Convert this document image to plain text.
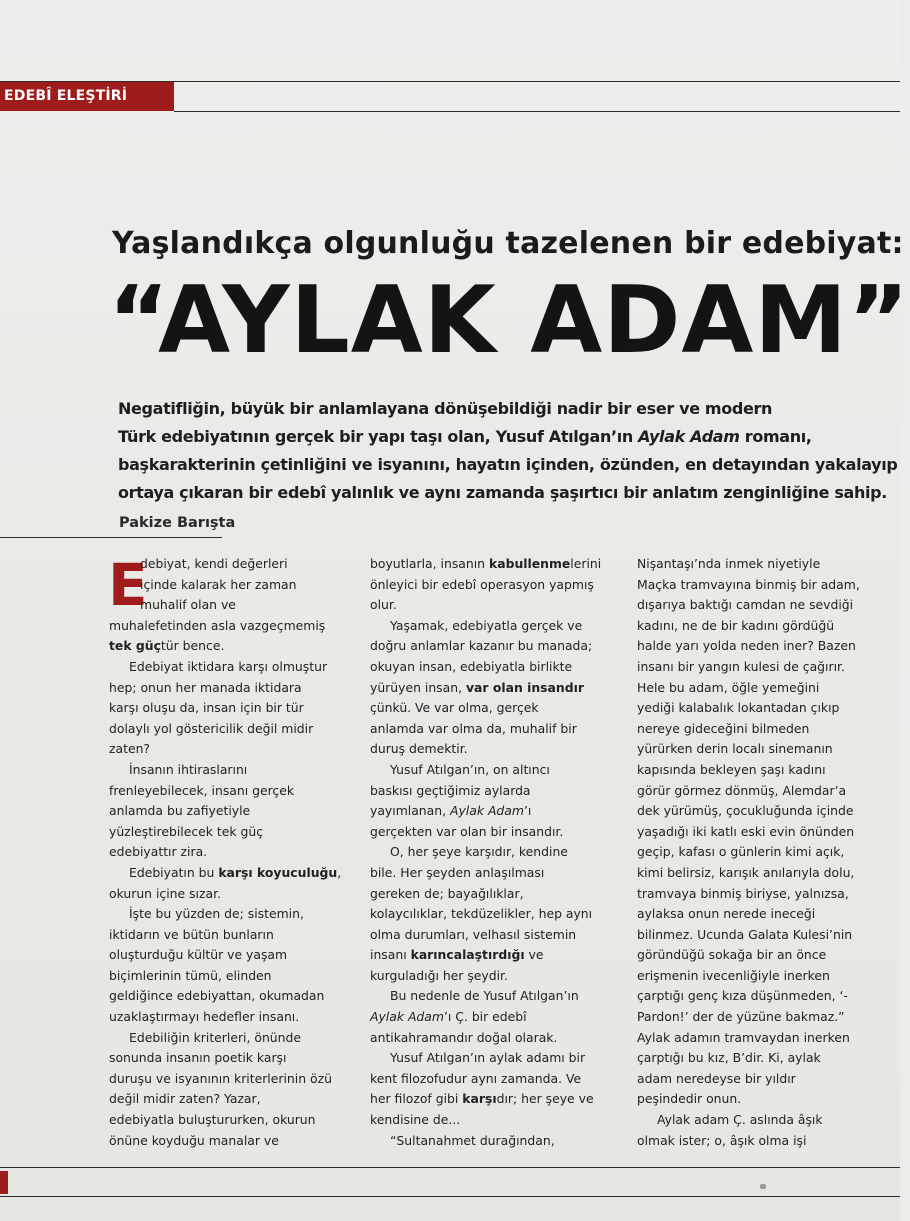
EDEBÎ ELEŞTİRİ
Yaşlandıkça olgunluğu tazelenen bir edebiyat:
“AYLAK ADAM”
Negatifliğin, büyük bir anlamlayana dönüşebildiği nadir bir eser ve modern
Türk edebiyatının gerçek bir yapı taşı olan, Yusuf Atılgan’ın Aylak Adam romanı,
başkarakterinin çetinliğini ve isyanını, hayatın içinden, özünden, en detayından yakalayıp
ortaya çıkaran bir edebî yalınlık ve aynı zamanda şaşırtıcı bir anlatım zenginliğine sahip.
Pakize Barışta
E
debiyat, kendi değerleri
içinde kalarak her zaman
muhalif olan ve
muhalefetinden asla vazgeçmemiş
tek güçtür bence.
Edebiyat iktidara karşı olmuştur
hep; onun her manada iktidara
karşı oluşu da, insan için bir tür
dolaylı yol göstericilik değil midir
zaten?
İnsanın ihtiraslarını
frenleyebilecek, insanı gerçek
anlamda bu zafiyetiyle
yüzleştirebilecek tek güç
edebiyattır zira.
Edebiyatın bu karşı koyuculuğu,
okurun içine sızar.
İşte bu yüzden de; sistemin,
iktidarın ve bütün bunların
oluşturduğu kültür ve yaşam
biçimlerinin tümü, elinden
geldiğince edebiyattan, okumadan
uzaklaştırmayı hedefler insanı.
Edebiliğin kriterleri, önünde
sonunda insanın poetik karşı
duruşu ve isyanının kriterlerinin özü
değil midir zaten? Yazar,
edebiyatla buluştururken, okurun
önüne koyduğu manalar ve
boyutlarla, insanın kabullenmelerini
önleyici bir edebî operasyon yapmış
olur.
Yaşamak, edebiyatla gerçek ve
doğru anlamlar kazanır bu manada;
okuyan insan, edebiyatla birlikte
yürüyen insan, var olan insandır
çünkü. Ve var olma, gerçek
anlamda var olma da, muhalif bir
duruş demektir.
Yusuf Atılgan’ın, on altıncı
baskısı geçtiğimiz aylarda
yayımlanan, Aylak Adam’ı
gerçekten var olan bir insandır.
O, her şeye karşıdır, kendine
bile. Her şeyden anlaşılması
gereken de; bayağılıklar,
kolaycılıklar, tekdüzelikler, hep aynı
olma durumları, velhasıl sistemin
insanı karıncalaştırdığı ve
kurguladığı her şeydir.
Bu nedenle de Yusuf Atılgan’ın
Aylak Adam’ı Ç. bir edebî
antikahramandır doğal olarak.
Yusuf Atılgan’ın aylak adamı bir
kent filozofudur aynı zamanda. Ve
her filozof gibi karşıdır; her şeye ve
kendisine de...
“Sultanahmet durağından,
Nişantaşı’nda inmek niyetiyle
Maçka tramvayına binmiş bir adam,
dışarıya baktığı camdan ne sevdiği
kadını, ne de bir kadını gördüğü
halde yarı yolda neden iner? Bazen
insanı bir yangın kulesi de çağırır.
Hele bu adam, öğle yemeğini
yediği kalabalık lokantadan çıkıp
nereye gideceğini bilmeden
yürürken derin localı sinemanın
kapısında bekleyen şaşı kadını
görür görmez dönmüş, Alemdar’a
dek yürümüş, çocukluğunda içinde
yaşadığı iki katlı eski evin önünden
geçip, kafası o günlerin kimi açık,
kimi belirsiz, karışık anılarıyla dolu,
tramvaya binmiş biriyse, yalnızsa,
aylaksa onun nerede ineceği
bilinmez. Ucunda Galata Kulesi’nin
göründüğü sokağa bir an önce
erişmenin ivecenliğiyle inerken
çarptığı genç kıza düşünmeden, ‘-
Pardon!’ der de yüzüne bakmaz.”
Aylak adamın tramvaydan inerken
çarptığı bu kız, B’dir. Ki, aylak
adam neredeyse bir yıldır
peşindedir onun.
Aylak adam Ç. aslında âşık
olmak ister; o, âşık olma işi
